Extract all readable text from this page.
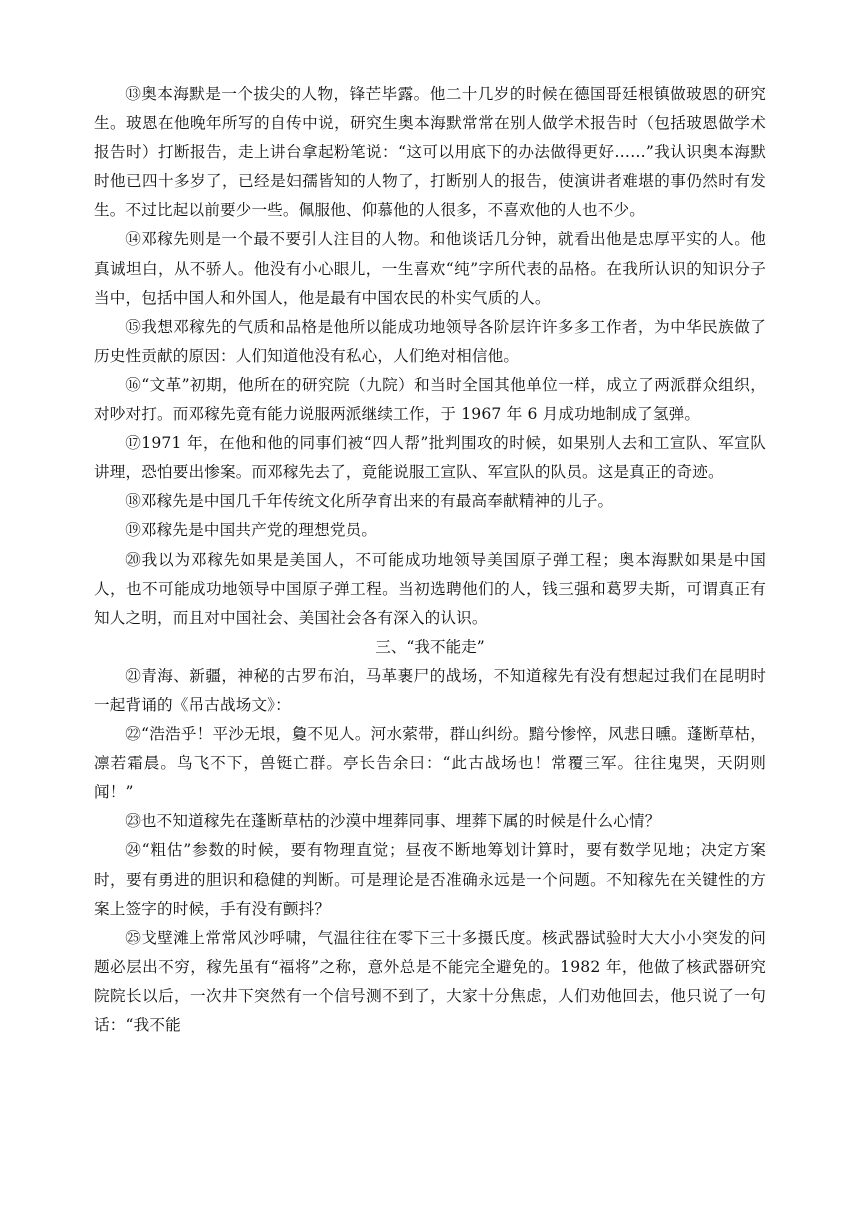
⑬奥本海默是一个拔尖的人物，锋芒毕露。他二十几岁的时候在德国哥廷根镇做玻恩的研究生。玻恩在他晚年所写的自传中说，研究生奥本海默常常在别人做学术报告时（包括玻恩做学术报告时）打断报告，走上讲台拿起粉笔说：“这可以用底下的办法做得更好……”我认识奥本海默时他已四十多岁了，已经是妇孺皆知的人物了，打断别人的报告，使演讲者难堪的事仍然时有发生。不过比起以前要少一些。佩服他、仰慕他的人很多，不喜欢他的人也不少。

⑭邓稼先则是一个最不要引人注目的人物。和他谈话几分钟，就看出他是忠厚平实的人。他真诚坦白，从不骄人。他没有小心眼儿，一生喜欢“纯”字所代表的品格。在我所认识的知识分子当中，包括中国人和外国人，他是最有中国农民的朴实气质的人。

⑮我想邓稼先的气质和品格是他所以能成功地领导各阶层许许多多工作者，为中华民族做了历史性贡献的原因：人们知道他没有私心，人们绝对相信他。

⑯“文革”初期，他所在的研究院（九院）和当时全国其他单位一样，成立了两派群众组织，对吵对打。而邓稼先竟有能力说服两派继续工作，于 1967 年 6 月成功地制成了氢弹。

⑰1971 年，在他和他的同事们被“四人帮”批判围攻的时候，如果别人去和工宣队、军宣队讲理，恐怕要出惨案。而邓稼先去了，竟能说服工宣队、军宣队的队员。这是真正的奇迹。

⑱邓稼先是中国几千年传统文化所孕育出来的有最高奉献精神的儿子。

⑲邓稼先是中国共产党的理想党员。

⑳我以为邓稼先如果是美国人，不可能成功地领导美国原子弹工程；奥本海默如果是中国人，也不可能成功地领导中国原子弹工程。当初选聘他们的人，钱三强和葛罗夫斯，可谓真正有知人之明，而且对中国社会、美国社会各有深入的认识。

三、“我不能走”

㉑青海、新疆，神秘的古罗布泊，马革裹尸的战场，不知道稼先有没有想起过我们在昆明时一起背诵的《吊古战场文》：

㉒“浩浩乎！平沙无垠，敻不见人。河水萦带，群山纠纷。黯兮惨悴，风悲日曛。蓬断草枯，凛若霜晨。鸟飞不下，兽铤亡群。亭长告余曰：“此古战场也！常覆三军。往往鬼哭，天阴则闻！”

㉓也不知道稼先在蓬断草枯的沙漠中埋葬同事、埋葬下属的时候是什么心情？

㉔“粗估”参数的时候，要有物理直觉；昼夜不断地筹划计算时，要有数学见地；决定方案时，要有勇进的胆识和稳健的判断。可是理论是否准确永远是一个问题。不知稼先在关键性的方案上签字的时候，手有没有颤抖？

㉕戈壁滩上常常风沙呼啸，气温往往在零下三十多摄氏度。核武器试验时大大小小突发的问题必层出不穷，稼先虽有“福将”之称，意外总是不能完全避免的。1982 年，他做了核武器研究院院长以后，一次井下突然有一个信号测不到了，大家十分焦虑，人们劝他回去，他只说了一句话：“我不能
